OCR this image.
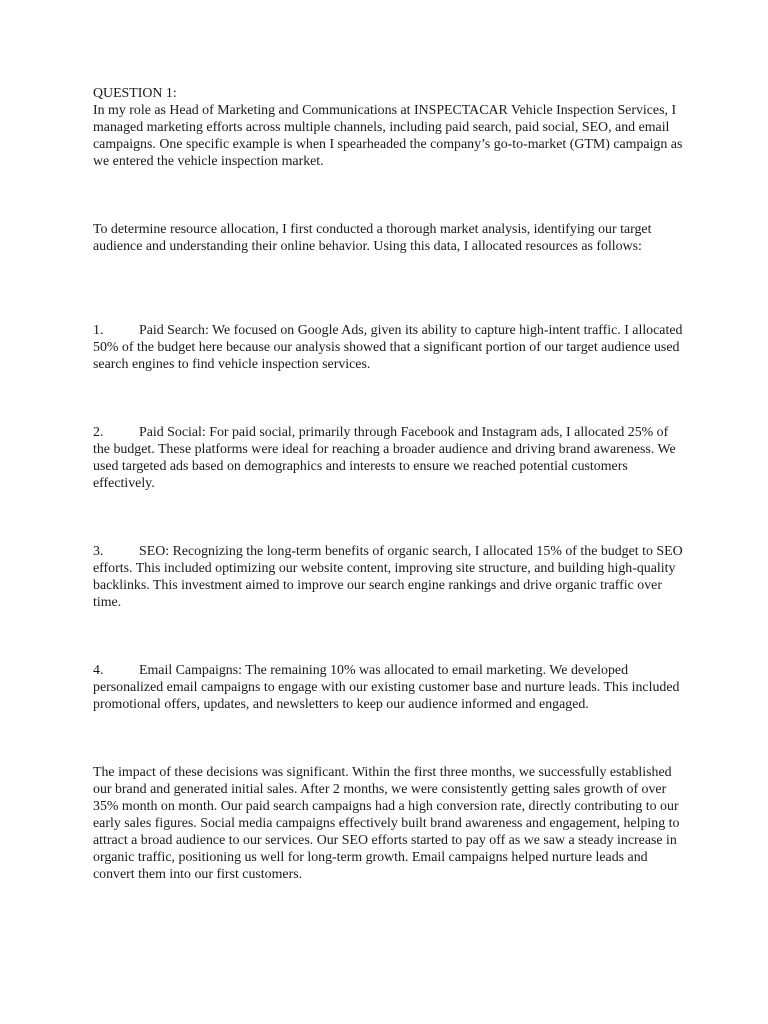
QUESTION 1:
In my role as Head of Marketing and Communications at INSPECTACAR Vehicle Inspection Services, I managed marketing efforts across multiple channels, including paid search, paid social, SEO, and email campaigns. One specific example is when I spearheaded the company’s go-to-market (GTM) campaign as we entered the vehicle inspection market.

To determine resource allocation, I first conducted a thorough market analysis, identifying our target audience and understanding their online behavior. Using this data, I allocated resources as follows:

1.	Paid Search: We focused on Google Ads, given its ability to capture high-intent traffic. I allocated 50% of the budget here because our analysis showed that a significant portion of our target audience used search engines to find vehicle inspection services.

2.	Paid Social: For paid social, primarily through Facebook and Instagram ads, I allocated 25% of the budget. These platforms were ideal for reaching a broader audience and driving brand awareness. We used targeted ads based on demographics and interests to ensure we reached potential customers effectively.

3.	SEO: Recognizing the long-term benefits of organic search, I allocated 15% of the budget to SEO efforts. This included optimizing our website content, improving site structure, and building high-quality backlinks. This investment aimed to improve our search engine rankings and drive organic traffic over time.

4.	Email Campaigns: The remaining 10% was allocated to email marketing. We developed personalized email campaigns to engage with our existing customer base and nurture leads. This included promotional offers, updates, and newsletters to keep our audience informed and engaged.

The impact of these decisions was significant. Within the first three months, we successfully established our brand and generated initial sales. After 2 months, we were consistently getting sales growth of over 35% month on month. Our paid search campaigns had a high conversion rate, directly contributing to our early sales figures. Social media campaigns effectively built brand awareness and engagement, helping to attract a broad audience to our services. Our SEO efforts started to pay off as we saw a steady increase in organic traffic, positioning us well for long-term growth. Email campaigns helped nurture leads and convert them into our first customers.
